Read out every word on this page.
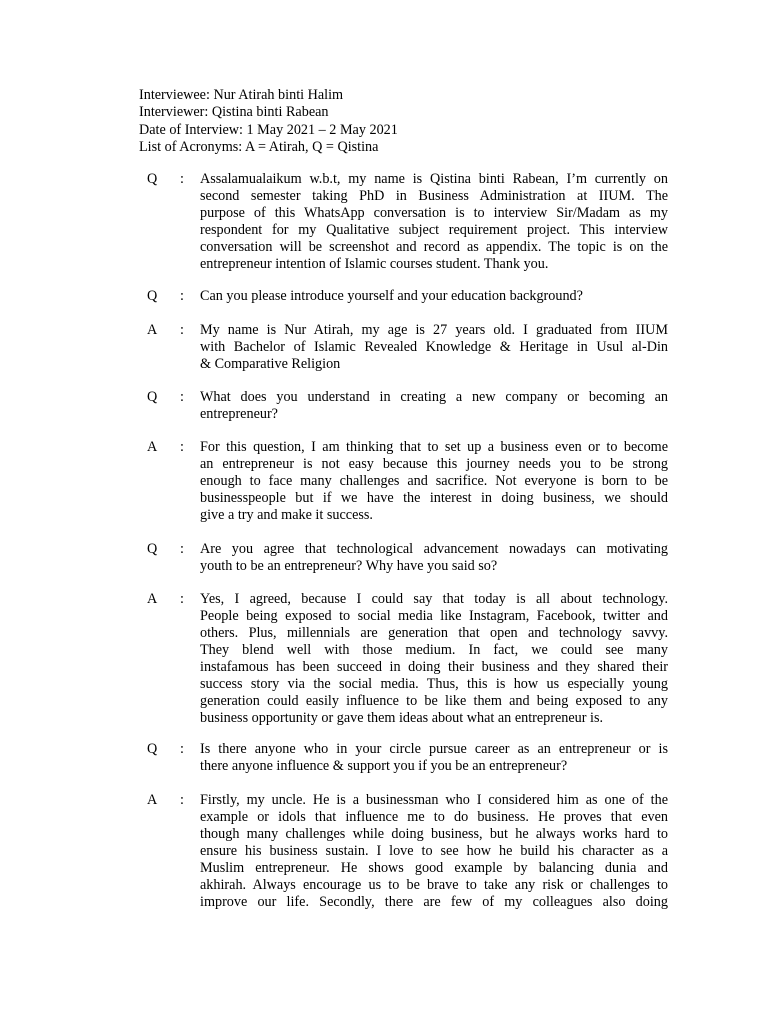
Interviewee: Nur Atirah binti Halim
Interviewer: Qistina binti Rabean
Date of Interview: 1 May 2021 – 2 May 2021
List of Acronyms: A = Atirah, Q = Qistina
Q : Assalamualaikum w.b.t, my name is Qistina binti Rabean, I’m currently on
second semester taking PhD in Business Administration at IIUM. The
purpose of this WhatsApp conversation is to interview Sir/Madam as my
respondent for my Qualitative subject requirement project. This interview
conversation will be screenshot and record as appendix. The topic is on the
entrepreneur intention of Islamic courses student. Thank you.
Q : Can you please introduce yourself and your education background?
A : My name is Nur Atirah, my age is 27 years old. I graduated from IIUM
with Bachelor of Islamic Revealed Knowledge & Heritage in Usul al-Din
& Comparative Religion
Q : What does you understand in creating a new company or becoming an
entrepreneur?
A : For this question, I am thinking that to set up a business even or to become
an entrepreneur is not easy because this journey needs you to be strong
enough to face many challenges and sacrifice. Not everyone is born to be
businesspeople but if we have the interest in doing business, we should
give a try and make it success.
Q : Are you agree that technological advancement nowadays can motivating
youth to be an entrepreneur? Why have you said so?
A : Yes, I agreed, because I could say that today is all about technology.
People being exposed to social media like Instagram, Facebook, twitter and
others. Plus, millennials are generation that open and technology savvy.
They blend well with those medium. In fact, we could see many
instafamous has been succeed in doing their business and they shared their
success story via the social media. Thus, this is how us especially young
generation could easily influence to be like them and being exposed to any
business opportunity or gave them ideas about what an entrepreneur is.
Q : Is there anyone who in your circle pursue career as an entrepreneur or is
there anyone influence & support you if you be an entrepreneur?
A : Firstly, my uncle. He is a businessman who I considered him as one of the
example or idols that influence me to do business. He proves that even
though many challenges while doing business, but he always works hard to
ensure his business sustain. I love to see how he build his character as a
Muslim entrepreneur. He shows good example by balancing dunia and
akhirah. Always encourage us to be brave to take any risk or challenges to
improve our life. Secondly, there are few of my colleagues also doing
